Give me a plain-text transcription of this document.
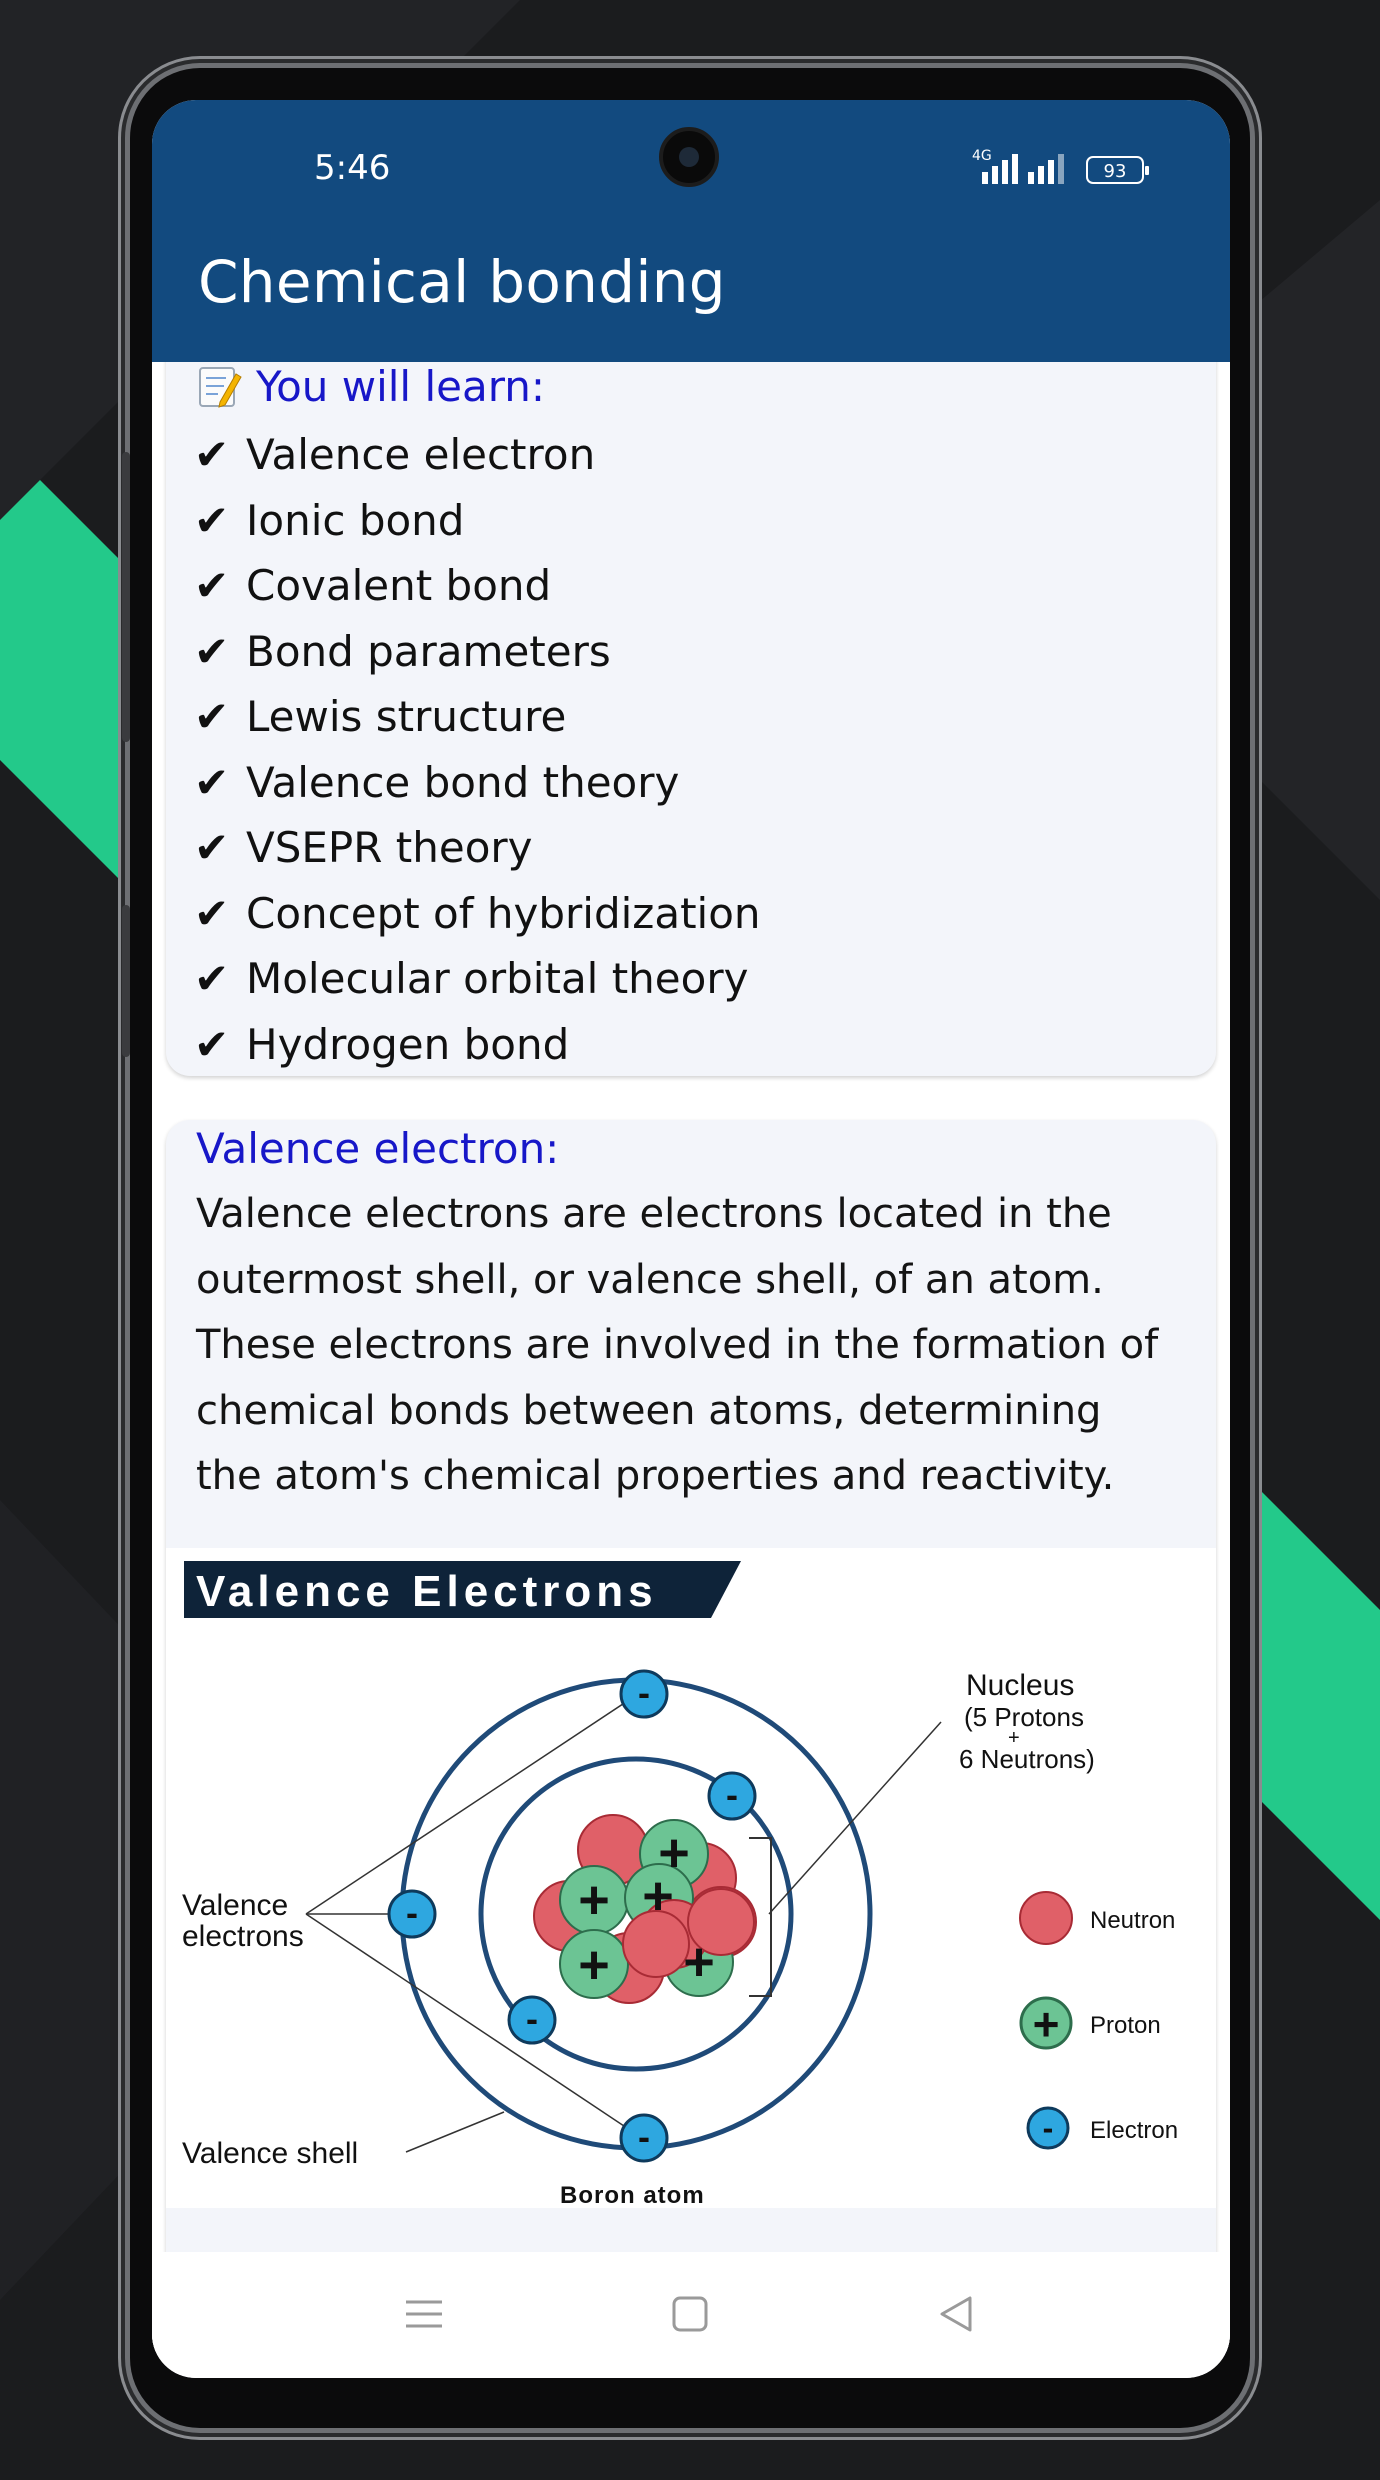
5:46	4G
93
Chemical bonding
You will learn:
✔ Valence electron
✔ Ionic bond
✔ Covalent bond
✔ Bond parameters
✔ Lewis structure
✔ Valence bond theory
✔ VSEPR theory
✔ Concept of hybridization
✔ Molecular orbital theory
✔ Hydrogen bond
Valence electron:
Valence electrons are electrons located in the
outermost shell, or valence shell, of an atom.
These electrons are involved in the formation of
chemical bonds between atoms, determining
the atom's chemical properties and reactivity.
Valence Electrons
+
+ +
+ +
-
-
-
-
-
Nucleus
(5 Protons
+
6 Neutrons)
Valence
electrons
Valence shell
Boron atom
Neutron
+ Proton
- Electron
